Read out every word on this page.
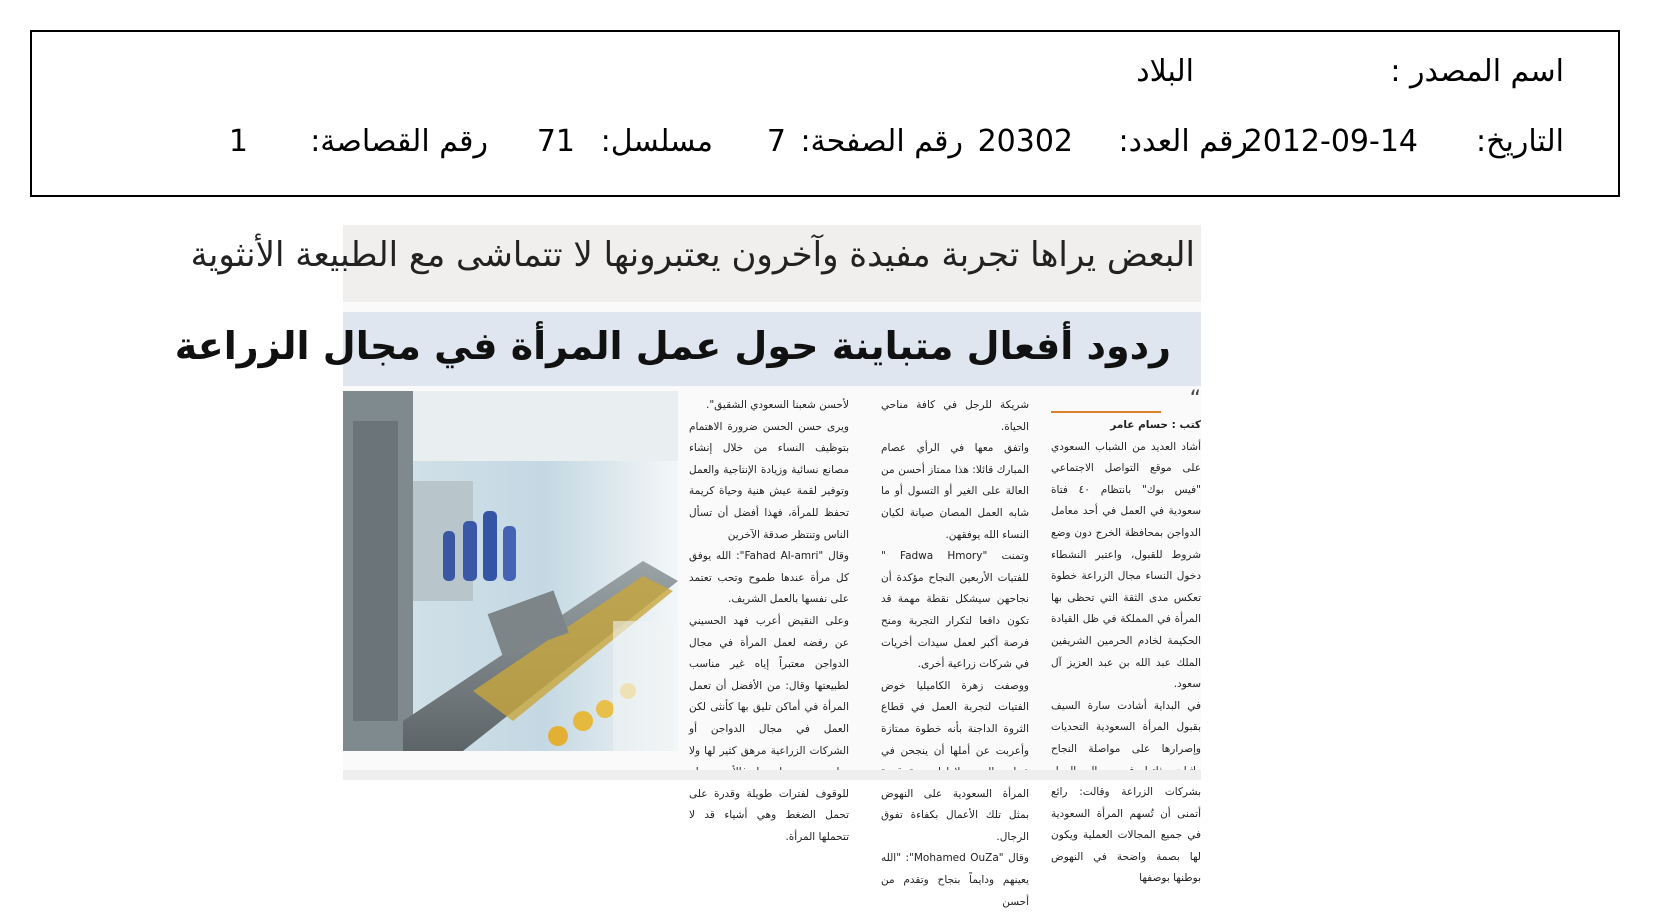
اسم المصدر :
البلاد
التاريخ:
2012-09-14
رقم العدد:
20302
رقم الصفحة:
7
مسلسل:
71
رقم القصاصة:
1
البعض يراها تجربة مفيدة وآخرون يعتبرونها لا تتماشى مع الطبيعة الأنثوية
ردود أفعال متباينة حول عمل المرأة في مجال الزراعة
“
كتب : حسام عامر

أشاد العديد من الشباب السعودي على موقع التواصل الاجتماعي "فيس بوك" بانتظام ٤٠ فتاة سعودية في العمل في أحد معامل الدواجن بمحافظة الخرج دون وضع شروط للقبول، واعتبر النشطاء دخول النساء مجال الزراعة خطوة تعكس مدى الثقة التي تحظى بها المرأة في المملكة في ظل القيادة الحكيمة لخادم الحرمين الشريفين الملك عبد الله بن عبد العزيز آل سعود.

في البداية أشادت سارة السيف بقبول المرأة السعودية التحديات وإصرارها على مواصلة النجاح بشركات الزراعة وقالت: رائع أتمنى أن تُسهم المرأة السعودية في جميع المجالات العملية ويكون لها بصمة واضحة في النهوض بوطنها بوصفها

شريكة للرجل في كافة مناحي الحياة.

واتفق معها في الرأي عصام المبارك قائلا: هذا ممتاز أحسن من العالة على الغير أو التسول أو ما شابه العمل المصان صيانة لكيان النساء الله يوفقهن.

وتمنت "Fadwa Hmory " للفتيات الأربعين النجاح مؤكدة أن نجاحهن سيشكل نقطة مهمة قد تكون دافعا لتكرار التجربة ومنح فرصة أكبر لعمل سيدات أخريات في شركات زراعية أخرى.

ووصفت زهرة الكاميليا خوض الفتيات لتجربة العمل في قطاع الثروة الداجنة بأنه خطوة ممتازة وأعربت عن أملها أن ينجحن في المرأة السعودية على النهوض بمثل تلك الأعمال بكفاءة تفوق الرجال.

وقال "Mohamed OuZa": "الله يعينهم ودايماً بنجاح وتقدم من أحسن

لأحسن شعبنا السعودي الشقيق".

ويرى حسن الحسن ضرورة الاهتمام بتوظيف النساء من خلال إنشاء مصانع نسائية وزيادة الإنتاجية والعمل وتوفير لقمة عيش هنية وحياة كريمة تحفظ للمرأة، فهذا أفضل أن تسأل الناس وتنتظر صدقة الآخرين

وقال "Fahad Al-amri": الله يوفق كل مرأة عندها طموح وتحب تعتمد على نفسها بالعمل الشريف.

وعلى النقيض أعرب فهد الحسيني عن رفضه لعمل المرأة في مجال الدواجن معتبراً إياه غير مناسب لطبيعتها وقال: من الأفضل أن تعمل المرأة في أماكن تليق بها كأنثى لكن العمل في مجال الدواجن أو الشركات الزراعية مرهق كثير لها ولا للوقوف لفترات طويلة وقدرة على تحمل الضغط وهي أشياء قد لا تتحملها المرأة.
